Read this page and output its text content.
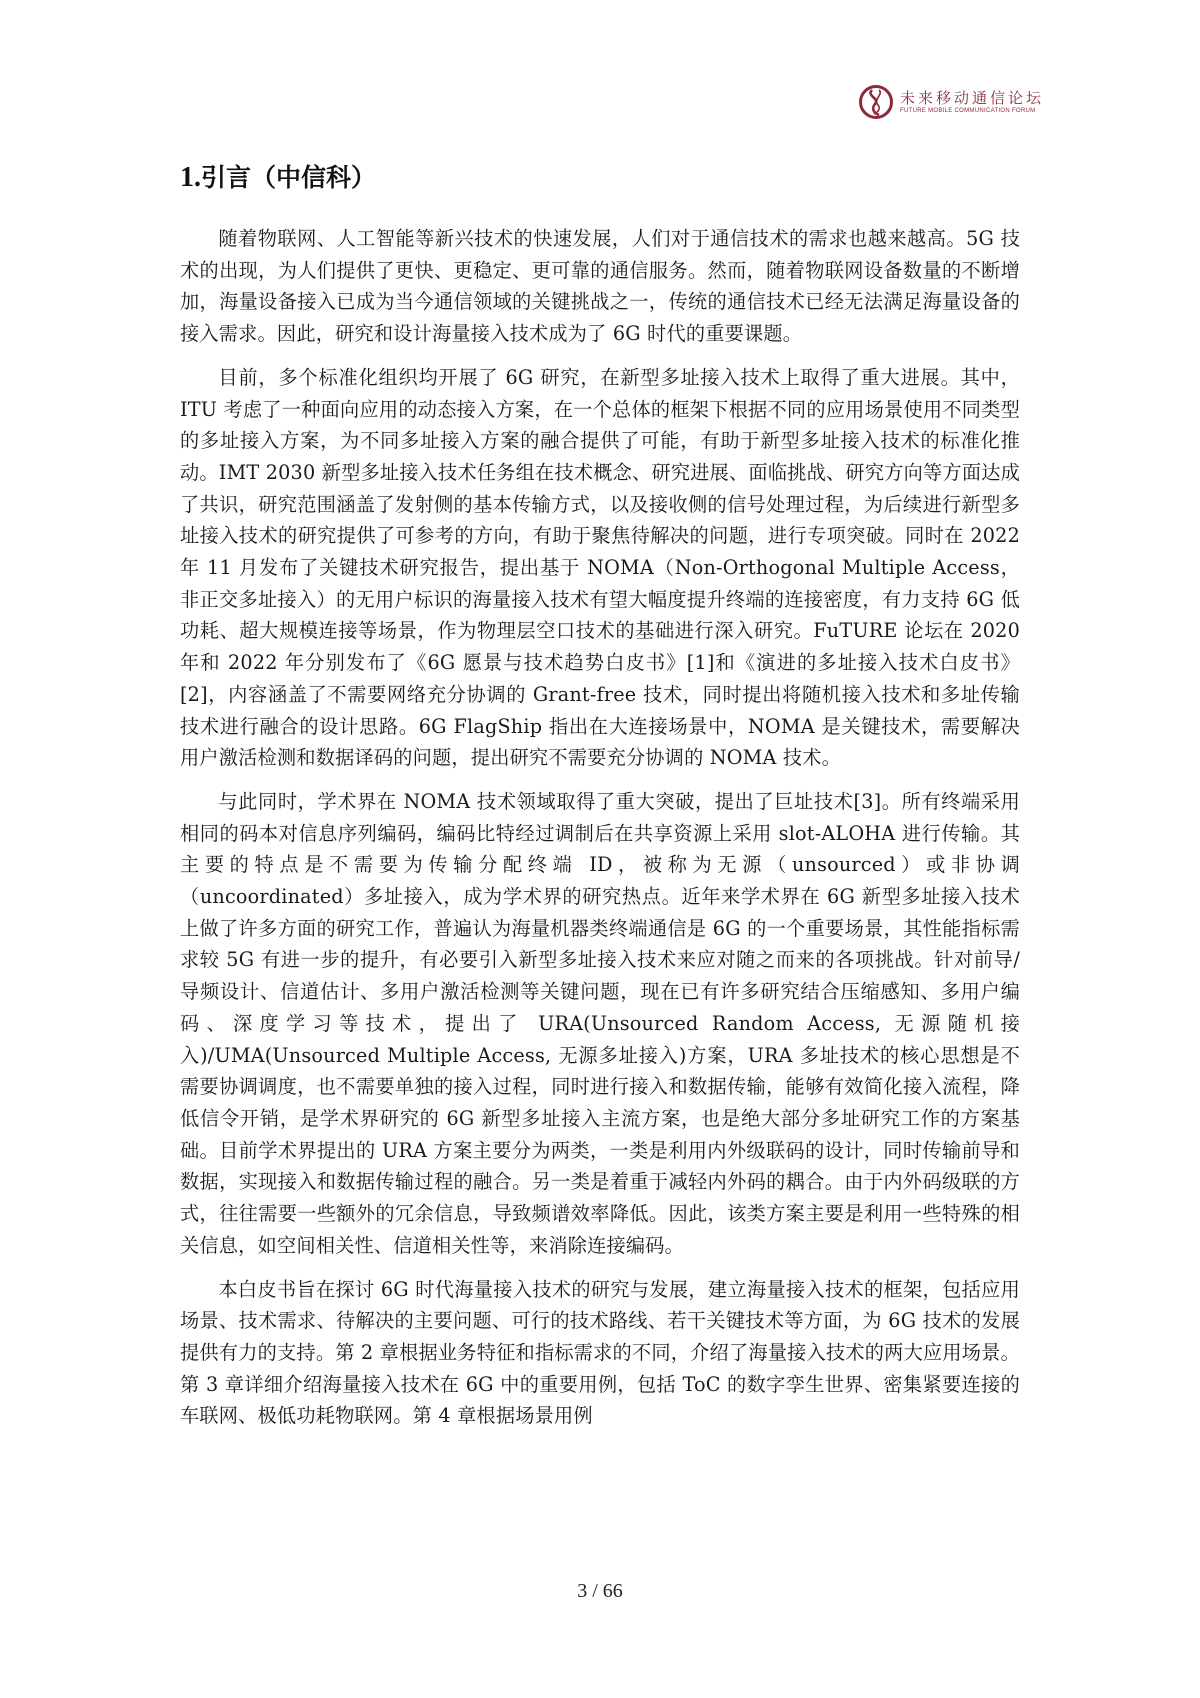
未来移动通信论坛
FUTURE MOBILE COMMUNICATION FORUM
1.引言（中信科）

随着物联网、人工智能等新兴技术的快速发展，人们对于通信技术的需求也越来越高。5G 技术的出现，为人们提供了更快、更稳定、更可靠的通信服务。然而，随着物联网设备数量的不断增加，海量设备接入已成为当今通信领域的关键挑战之一，传统的通信技术已经无法满足海量设备的接入需求。因此，研究和设计海量接入技术成为了 6G 时代的重要课题。

目前，多个标准化组织均开展了 6G 研究，在新型多址接入技术上取得了重大进展。其中，ITU 考虑了一种面向应用的动态接入方案，在一个总体的框架下根据不同的应用场景使用不同类型的多址接入方案，为不同多址接入方案的融合提供了可能，有助于新型多址接入技术的标准化推动。IMT 2030 新型多址接入技术任务组在技术概念、研究进展、面临挑战、研究方向等方面达成了共识，研究范围涵盖了发射侧的基本传输方式，以及接收侧的信号处理过程，为后续进行新型多址接入技术的研究提供了可参考的方向，有助于聚焦待解决的问题，进行专项突破。同时在 2022 年 11 月发布了关键技术研究报告，提出基于 NOMA（Non-Orthogonal Multiple Access，非正交多址接入）的无用户标识的海量接入技术有望大幅度提升终端的连接密度，有力支持 6G 低功耗、超大规模连接等场景，作为物理层空口技术的基础进行深入研究。FuTURE 论坛在 2020 年和 2022 年分别发布了《6G 愿景与技术趋势白皮书》[1]和《演进的多址接入技术白皮书》[2]，内容涵盖了不需要网络充分协调的 Grant-free 技术，同时提出将随机接入技术和多址传输技术进行融合的设计思路。6G FlagShip 指出在大连接场景中，NOMA 是关键技术，需要解决用户激活检测和数据译码的问题，提出研究不需要充分协调的 NOMA 技术。

与此同时，学术界在 NOMA 技术领域取得了重大突破，提出了巨址技术[3]。所有终端采用相同的码本对信息序列编码，编码比特经过调制后在共享资源上采用 slot-ALOHA 进行传输。其主要的特点是不需要为传输分配终端 ID，被称为无源（unsourced）或非协调（uncoordinated）多址接入，成为学术界的研究热点。近年来学术界在 6G 新型多址接入技术上做了许多方面的研究工作，普遍认为海量机器类终端通信是 6G 的一个重要场景，其性能指标需求较 5G 有进一步的提升，有必要引入新型多址接入技术来应对随之而来的各项挑战。针对前导/导频设计、信道估计、多用户激活检测等关键问题，现在已有许多研究结合压缩感知、多用户编码、深度学习等技术，提出了 URA(Unsourced Random Access, 无源随机接入)/UMA(Unsourced Multiple Access, 无源多址接入)方案，URA 多址技术的核心思想是不需要协调调度，也不需要单独的接入过程，同时进行接入和数据传输，能够有效简化接入流程，降低信令开销，是学术界研究的 6G 新型多址接入主流方案，也是绝大部分多址研究工作的方案基础。目前学术界提出的 URA 方案主要分为两类，一类是利用内外级联码的设计，同时传输前导和数据，实现接入和数据传输过程的融合。另一类是着重于减轻内外码的耦合。由于内外码级联的方式，往往需要一些额外的冗余信息，导致频谱效率降低。因此，该类方案主要是利用一些特殊的相关信息，如空间相关性、信道相关性等，来消除连接编码。

本白皮书旨在探讨 6G 时代海量接入技术的研究与发展，建立海量接入技术的框架，包括应用场景、技术需求、待解决的主要问题、可行的技术路线、若干关键技术等方面，为 6G 技术的发展提供有力的支持。第 2 章根据业务特征和指标需求的不同，介绍了海量接入技术的两大应用场景。第 3 章详细介绍海量接入技术在 6G 中的重要用例，包括 ToC 的数字孪生世界、密集紧要连接的车联网、极低功耗物联网。第 4 章根据场景用例

3 / 66
